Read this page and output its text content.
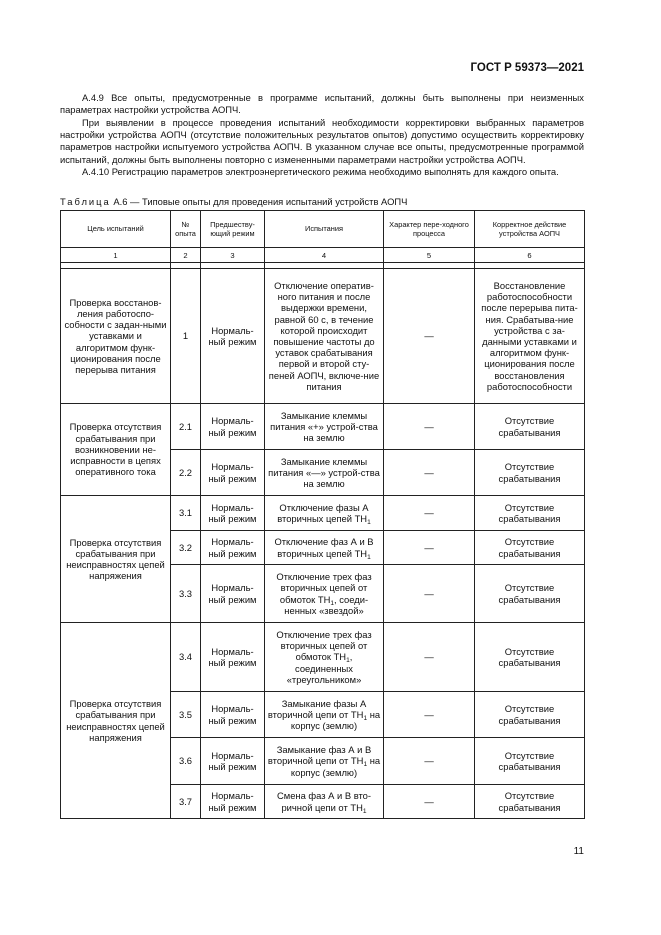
ГОСТ Р 59373—2021

А.4.9 Все опыты, предусмотренные в программе испытаний, должны быть выполнены при неизменных параметрах настройки устройства АОПЧ.

При выявлении в процессе проведения испытаний необходимости корректировки выбранных параметров настройки устройства АОПЧ (отсутствие положительных результатов опытов) допустимо осуществить корректировку параметров настройки испытуемого устройства АОПЧ. В указанном случае все опыты, предусмотренные программой испытаний, должны быть выполнены повторно с измененными параметрами настройки устройства АОПЧ.

А.4.10 Регистрацию параметров электроэнергетического режима необходимо выполнять для каждого опыта.

Таблица А.6 — Типовые опыты для проведения испытаний устройств АОПЧ
Цель испытаний	№ опыта	Предшеству-ющий режим	Испытания	Характер пере-ходного процесса	Корректное действие устройства АОПЧ
1	2	3	4	5	6

Проверка восстанов-ления работоспо-собности с задан-ными уставками и алгоритмом функ-ционирования после перерыва питания	1	Нормаль-ный режим	Отключение оператив-ного питания и после выдержки времени, равной 60 с, в течение которой происходит повышение частоты до уставок срабатывания первой и второй сту-пеней АОПЧ, включе-ние питания	—	Восстановление работоспособности после перерыва пита-ния. Срабатыва-ние устройства с за-данными уставками и алгоритмом функ-ционирования после восстановления работоспособности
Проверка отсутствия срабатывания при возникновении не-исправности в цепях оперативного тока	2.1	Нормаль-ный режим	Замыкание клеммы питания «+» устрой-ства на землю	—	Отсутствие срабатывания
	2.2	Нормаль-ный режим	Замыкание клеммы питания «—» устрой-ства на землю	—	Отсутствие срабатывания
Проверка отсутствия срабатывания при неисправностях цепей напряжения	3.1	Нормаль-ный режим	Отключение фазы А вторичных цепей $ТН_1$	—	Отсутствие срабатывания
	3.2	Нормаль-ный режим	Отключение фаз А и В вторичных цепей $ТН_1$	—	Отсутствие срабатывания
	3.3	Нормаль-ный режим	Отключение трех фаз вторичных цепей от обмоток $ТН_1$, соеди-ненных «звездой»	—	Отсутствие срабатывания
Проверка отсутствия срабатывания при неисправностях цепей напряжения	3.4	Нормаль-ный режим	Отключение трех фаз вторичных цепей от обмоток $ТН_1$, соединенных «треугольником»	—	Отсутствие срабатывания
	3.5	Нормаль-ный режим	Замыкание фазы А вторичной цепи от $ТН_1$ на корпус (землю)	—	Отсутствие срабатывания
	3.6	Нормаль-ный режим	Замыкание фаз А и В вторичной цепи от $ТН_1$ на корпус (землю)	—	Отсутствие срабатывания
	3.7	Нормаль-ный режим	Смена фаз А и В вто-ричной цепи от $ТН_1$	—	Отсутствие срабатывания
11
